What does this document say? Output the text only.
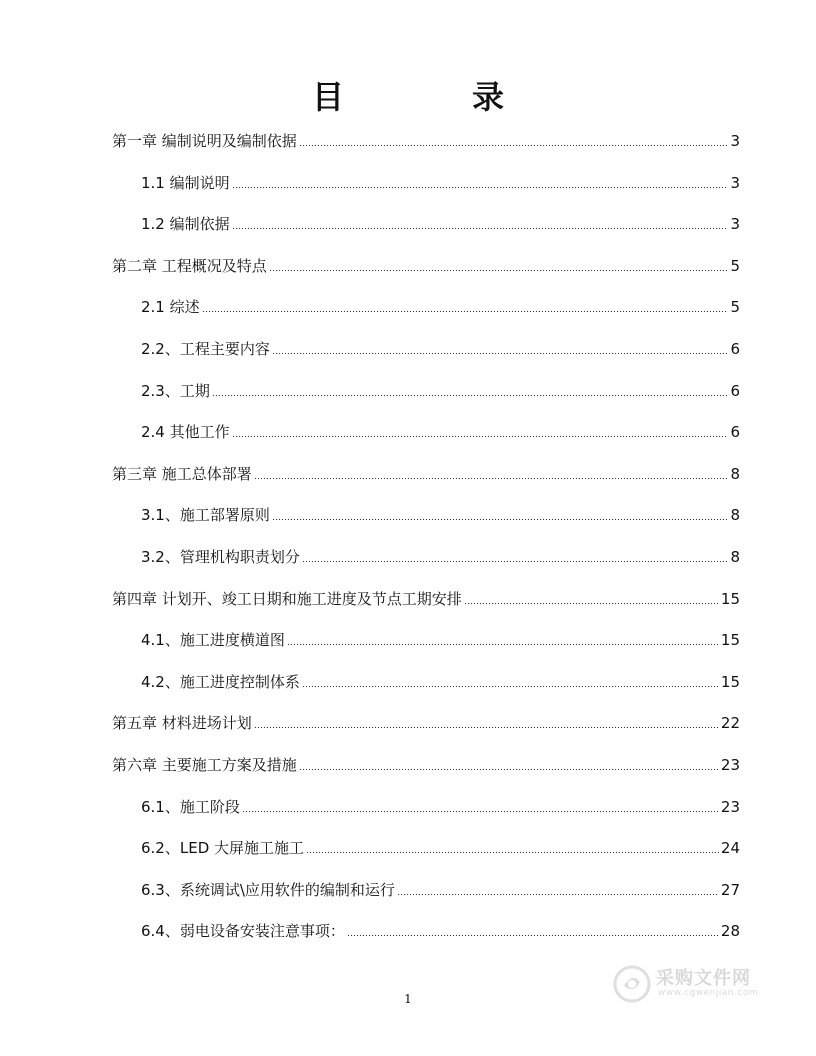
目　录
第一章 编制说明及编制依据	3
1.1 编制说明	3
1.2 编制依据	3
第二章 工程概况及特点	5
2.1 综述	5
2.2、工程主要内容	6
2.3、工期	6
2.4 其他工作	6
第三章 施工总体部署	8
3.1、施工部署原则	8
3.2、管理机构职责划分	8
第四章 计划开、竣工日期和施工进度及节点工期安排	15
4.1、施工进度横道图	15
4.2、施工进度控制体系	15
第五章 材料进场计划	22
第六章 主要施工方案及措施	23
6.1、施工阶段	23
6.2、LED 大屏施工施工	24
6.3、系统调试\应用软件的编制和运行	27
6.4、弱电设备安装注意事项：	28
1
采购文件网
www.cgwenjian.com
